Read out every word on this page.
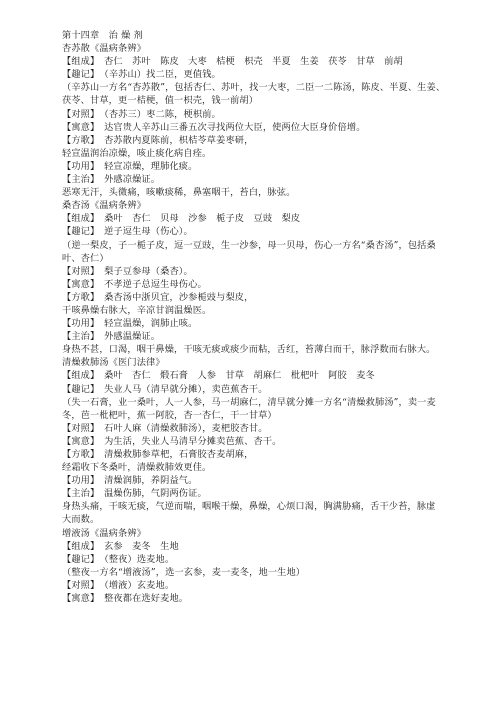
第十四章　治 燥 剂
杏苏散《温病条辨》
【组成】　杏仁　苏叶　陈皮　大枣　桔梗　枳壳　半夏　生姜　茯苓　甘草　前胡
【趣记】　（辛苏山）找二臣，更值钱。
（辛苏山一方名“杏苏散”，包括杏仁、苏叶，找一大枣，二臣一二陈汤，陈皮、半夏、生姜、
茯苓、甘草，更一桔梗，值一枳壳，钱一前胡）
【对照】　（杏苏三）枣二陈，梗枳前。
【寓意】　达官贵人辛苏山三番五次寻找两位大臣，使两位大臣身价倍增。
【方歌】　杏苏散内夏陈前，枳桔苓草姜枣研，
轻宣温润治凉燥，咳止痰化病自痊。
【功用】　轻宣凉燥，理肺化痰。
【主治】　外感凉燥证。
恶寒无汗，头微痛，咳嗽痰稀，鼻塞咽干，苔白，脉弦。
桑杏汤《温病条辨》
【组成】　桑叶　杏仁　贝母　沙参　栀子皮　豆豉　梨皮
【趣记】　逆子逗生母（伤心）。
（逆一梨皮，子一栀子皮，逗一豆豉，生一沙参，母一贝母，伤心一方名“桑杏汤”，包括桑
叶、杏仁）
【对照】　梨子豆参母（桑杏）。
【寓意】　不孝逆子总逗生母伤心。
【方歌】　桑杏汤中浙贝宜，沙参栀豉与梨皮，
干咳鼻燥右脉大，辛凉甘润温燥医。
【功用】　轻宣温燥，润肺止咳。
【主治】　外感温燥证。
身热不甚，口渴，咽干鼻燥，干咳无痰或痰少而粘，舌红，苔薄白而干，脉浮数而右脉大。
清燥救肺汤《医门法律》
【组成】　桑叶　杏仁　煅石膏　人参　甘草　胡麻仁　枇杷叶　阿胶　麦冬
【趣记】　失业人马（清早就分摊），卖芭蕉杏干。
（失一石膏，业一桑叶，人一人参，马一胡麻仁，清早就分摊一方名“清燥救肺汤”，卖一麦
冬，芭一枇杷叶，蕉一阿胶，杏一杏仁，干一甘草）
【对照】　石叶人麻（清燥救肺汤），麦杷胶杏甘。
【寓意】　为生活，失业人马清早分摊卖芭蕉、杏干。
【方歌】　清燥救肺参草杷，石膏胶杏麦胡麻，
经霜收下冬桑叶，清燥救肺效更佳。
【功用】　清燥润肺，养阴益气。
【主治】　温燥伤肺，气阴两伤证。
身热头痛，干咳无痰，气逆而喘，咽喉干燥，鼻燥，心烦口渴，胸满胁痛，舌干少苔，脉虚
大而数。
增液汤《温病条辨》
【组成】　玄参　麦冬　生地
【趣记】　（整夜）选麦地。
（整夜一方名“增液汤”，选一玄参，麦一麦冬，地一生地）
【对照】　（增液）玄麦地。
【寓意】　整夜都在选好麦地。
